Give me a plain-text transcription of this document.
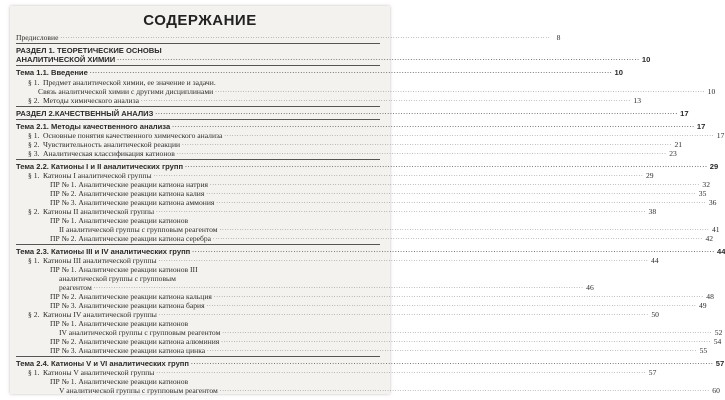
СОДЕРЖАНИЕ
Предисловие .....	8
РАЗДЕЛ 1. ТЕОРЕТИЧЕСКИЕ ОСНОВЫ
АНАЛИТИЧЕСКОЙ ХИМИИ .....	10
Тема 1.1. Введение .....	10
§ 1. Предмет аналитической химии, ее значение и задачи.
Связь аналитической химии с другими дисциплинами .....	10
§ 2. Методы химического анализа .....	13
РАЗДЕЛ 2.КАЧЕСТВЕННЫЙ АНАЛИЗ .....	17
Тема 2.1. Методы качественного анализа .....	17
§ 1. Основные понятия качественного химического анализа .....	17
§ 2. Чувствительность аналитической реакции .....	21
§ 3. Аналитическая классификация катионов .....	23
Тема 2.2. Катионы I и II аналитических групп .....	29
§ 1. Катионы I аналитической группы .....	29
ПР № 1. Аналитические реакции катиона натрия .....	32
ПР № 2. Аналитические реакции катиона калия .....	35
ПР № 3. Аналитические реакции катиона аммония .....	36
§ 2. Катионы II аналитической группы .....	38
ПР № 1. Аналитические реакции катионов
II аналитической группы с групповым реагентом .....	41
ПР № 2. Аналитические реакции катиона серебра .....	42
Тема 2.3. Катионы III и IV аналитических групп .....	44
§ 1. Катионы III аналитической группы .....	44
ПР № 1. Аналитические реакции катионов III
аналитической группы с групповым
реагентом .....	46
ПР № 2. Аналитические реакции катиона кальция .....	48
ПР № 3. Аналитические реакции катиона бария .....	49
§ 2. Катионы IV аналитической группы .....	50
ПР № 1. Аналитические реакции катионов
IV аналитической группы с групповым реагентом .....	52
ПР № 2. Аналитические реакции катиона алюминия .....	54
ПР № 3. Аналитические реакции катиона цинка .....	55
Тема 2.4. Катионы V и VI аналитических групп .....	57
§ 1. Катионы V аналитической группы .....	57
ПР № 1. Аналитические реакции катионов
V аналитической группы с групповым реагентом .....	60
